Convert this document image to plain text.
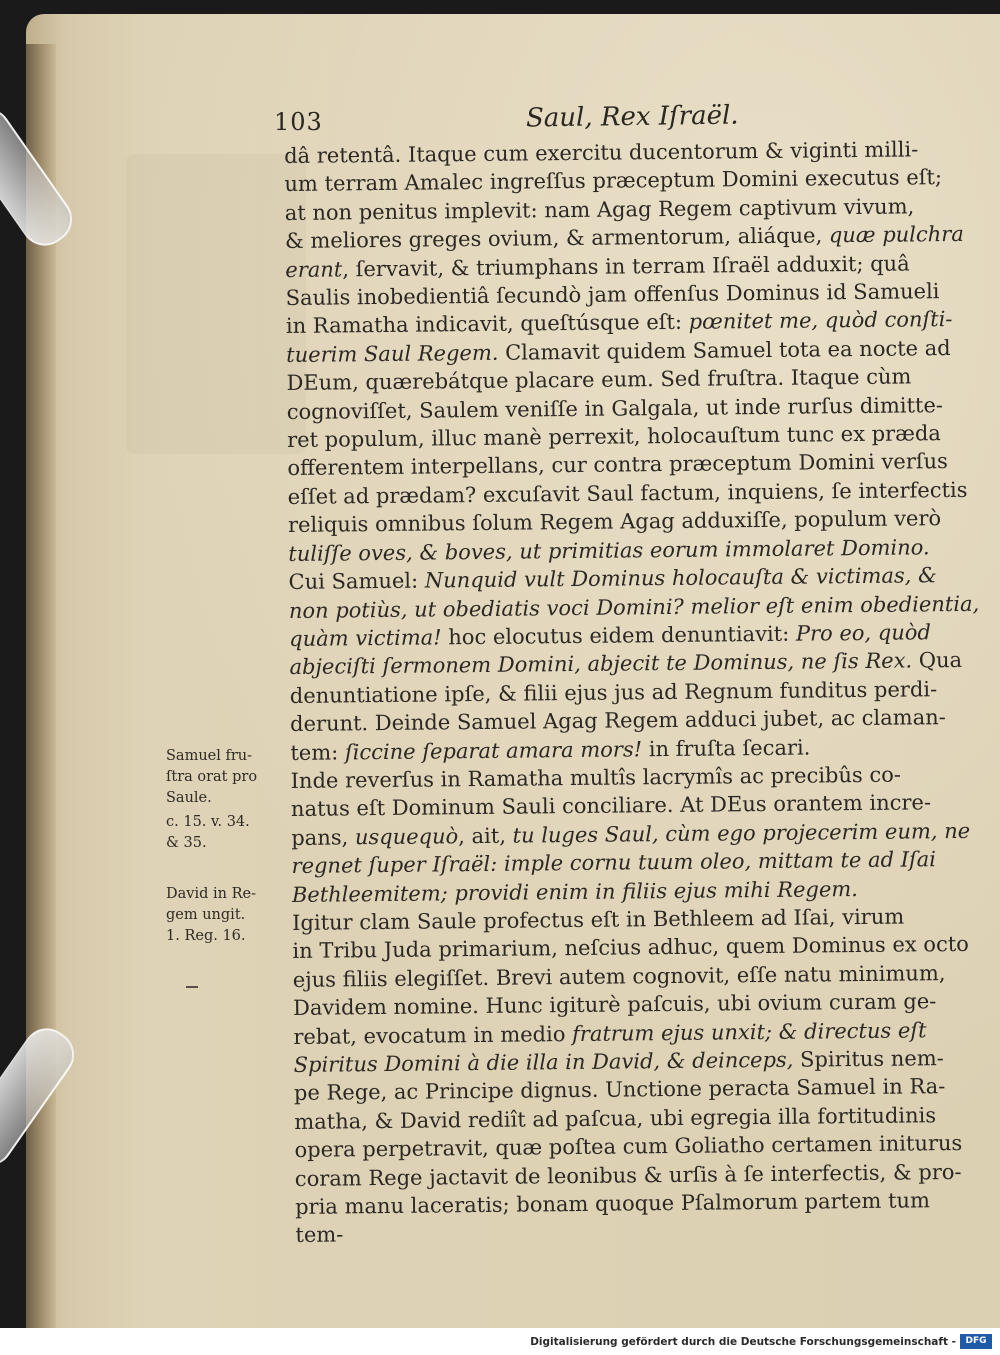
103	Saul, Rex Iſraël.
dâ retentâ. Itaque cum exercitu ducentorum & viginti milli-
um terram Amalec ingreſſus præceptum Domini executus eſt;
at non penitus implevit: nam Agag Regem captivum vivum,
& meliores greges ovium, & armentorum, aliáque, quæ pulchra
erant, ſervavit, & triumphans in terram Iſraël adduxit; quâ
Saulis inobedientiâ ſecundò jam offenſus Dominus id Samueli
in Ramatha indicavit, queſtúsque eſt: pœnitet me, quòd conſti-
tuerim Saul Regem. Clamavit quidem Samuel tota ea nocte ad
DEum, quærebátque placare eum. Sed fruſtra. Itaque cùm
cognoviſſet, Saulem veniſſe in Galgala, ut inde rurſus dimitte-
ret populum, illuc manè perrexit, holocauſtum tunc ex præda
offerentem interpellans, cur contra præceptum Domini verſus
eſſet ad prædam? excuſavit Saul factum, inquiens, ſe interfectis
reliquis omnibus ſolum Regem Agag adduxiſſe, populum verò
tuliſſe oves, & boves, ut primitias eorum immolaret Domino.
Cui Samuel: Nunquid vult Dominus holocauſta & victimas, &
non potiùs, ut obediatis voci Domini? melior eſt enim obedientia,
quàm victima! hoc elocutus eidem denuntiavit: Pro eo, quòd
abjeciſti ſermonem Domini, abjecit te Dominus, ne ſis Rex. Qua
denuntiatione ipſe, & filii ejus jus ad Regnum funditus perdi-
derunt. Deinde Samuel Agag Regem adduci jubet, ac claman-
tem: ſiccine ſeparat amara mors! in fruſta ſecari.
Inde reverſus in Ramatha multîs lacrymîs ac precibûs co-
natus eſt Dominum Sauli conciliare. At DEus orantem incre-
pans, usquequò, ait, tu luges Saul, cùm ego projecerim eum, ne
regnet ſuper Iſraël: imple cornu tuum oleo, mittam te ad Iſai
Bethleemitem; providi enim in filiis ejus mihi Regem.
Igitur clam Saule profectus eſt in Bethleem ad Iſai, virum
in Tribu Juda primarium, neſcius adhuc, quem Dominus ex octo
ejus filiis elegiſſet. Brevi autem cognovit, eſſe natu minimum,
Davidem nomine. Hunc igiturè paſcuis, ubi ovium curam ge-
rebat, evocatum in medio fratrum ejus unxit; & directus eſt
Spiritus Domini à die illa in David, & deinceps, Spiritus nem-
pe Rege, ac Principe dignus. Unctione peracta Samuel in Ra-
matha, & David rediît ad paſcua, ubi egregia illa fortitudinis
opera perpetravit, quæ poſtea cum Goliatho certamen initurus
coram Rege jactavit de leonibus & urſis à ſe interfectis, & pro-
pria manu laceratis; bonam quoque Pſalmorum partem tum
tem-
Samuel fru-
ſtra orat pro
Saule.
c. 15. v. 34.
& 35.
David in Re-
gem ungit.
1. Reg. 16.
Digitalisierung gefördert durch die Deutsche Forschungsgemeinschaft -	DFG
